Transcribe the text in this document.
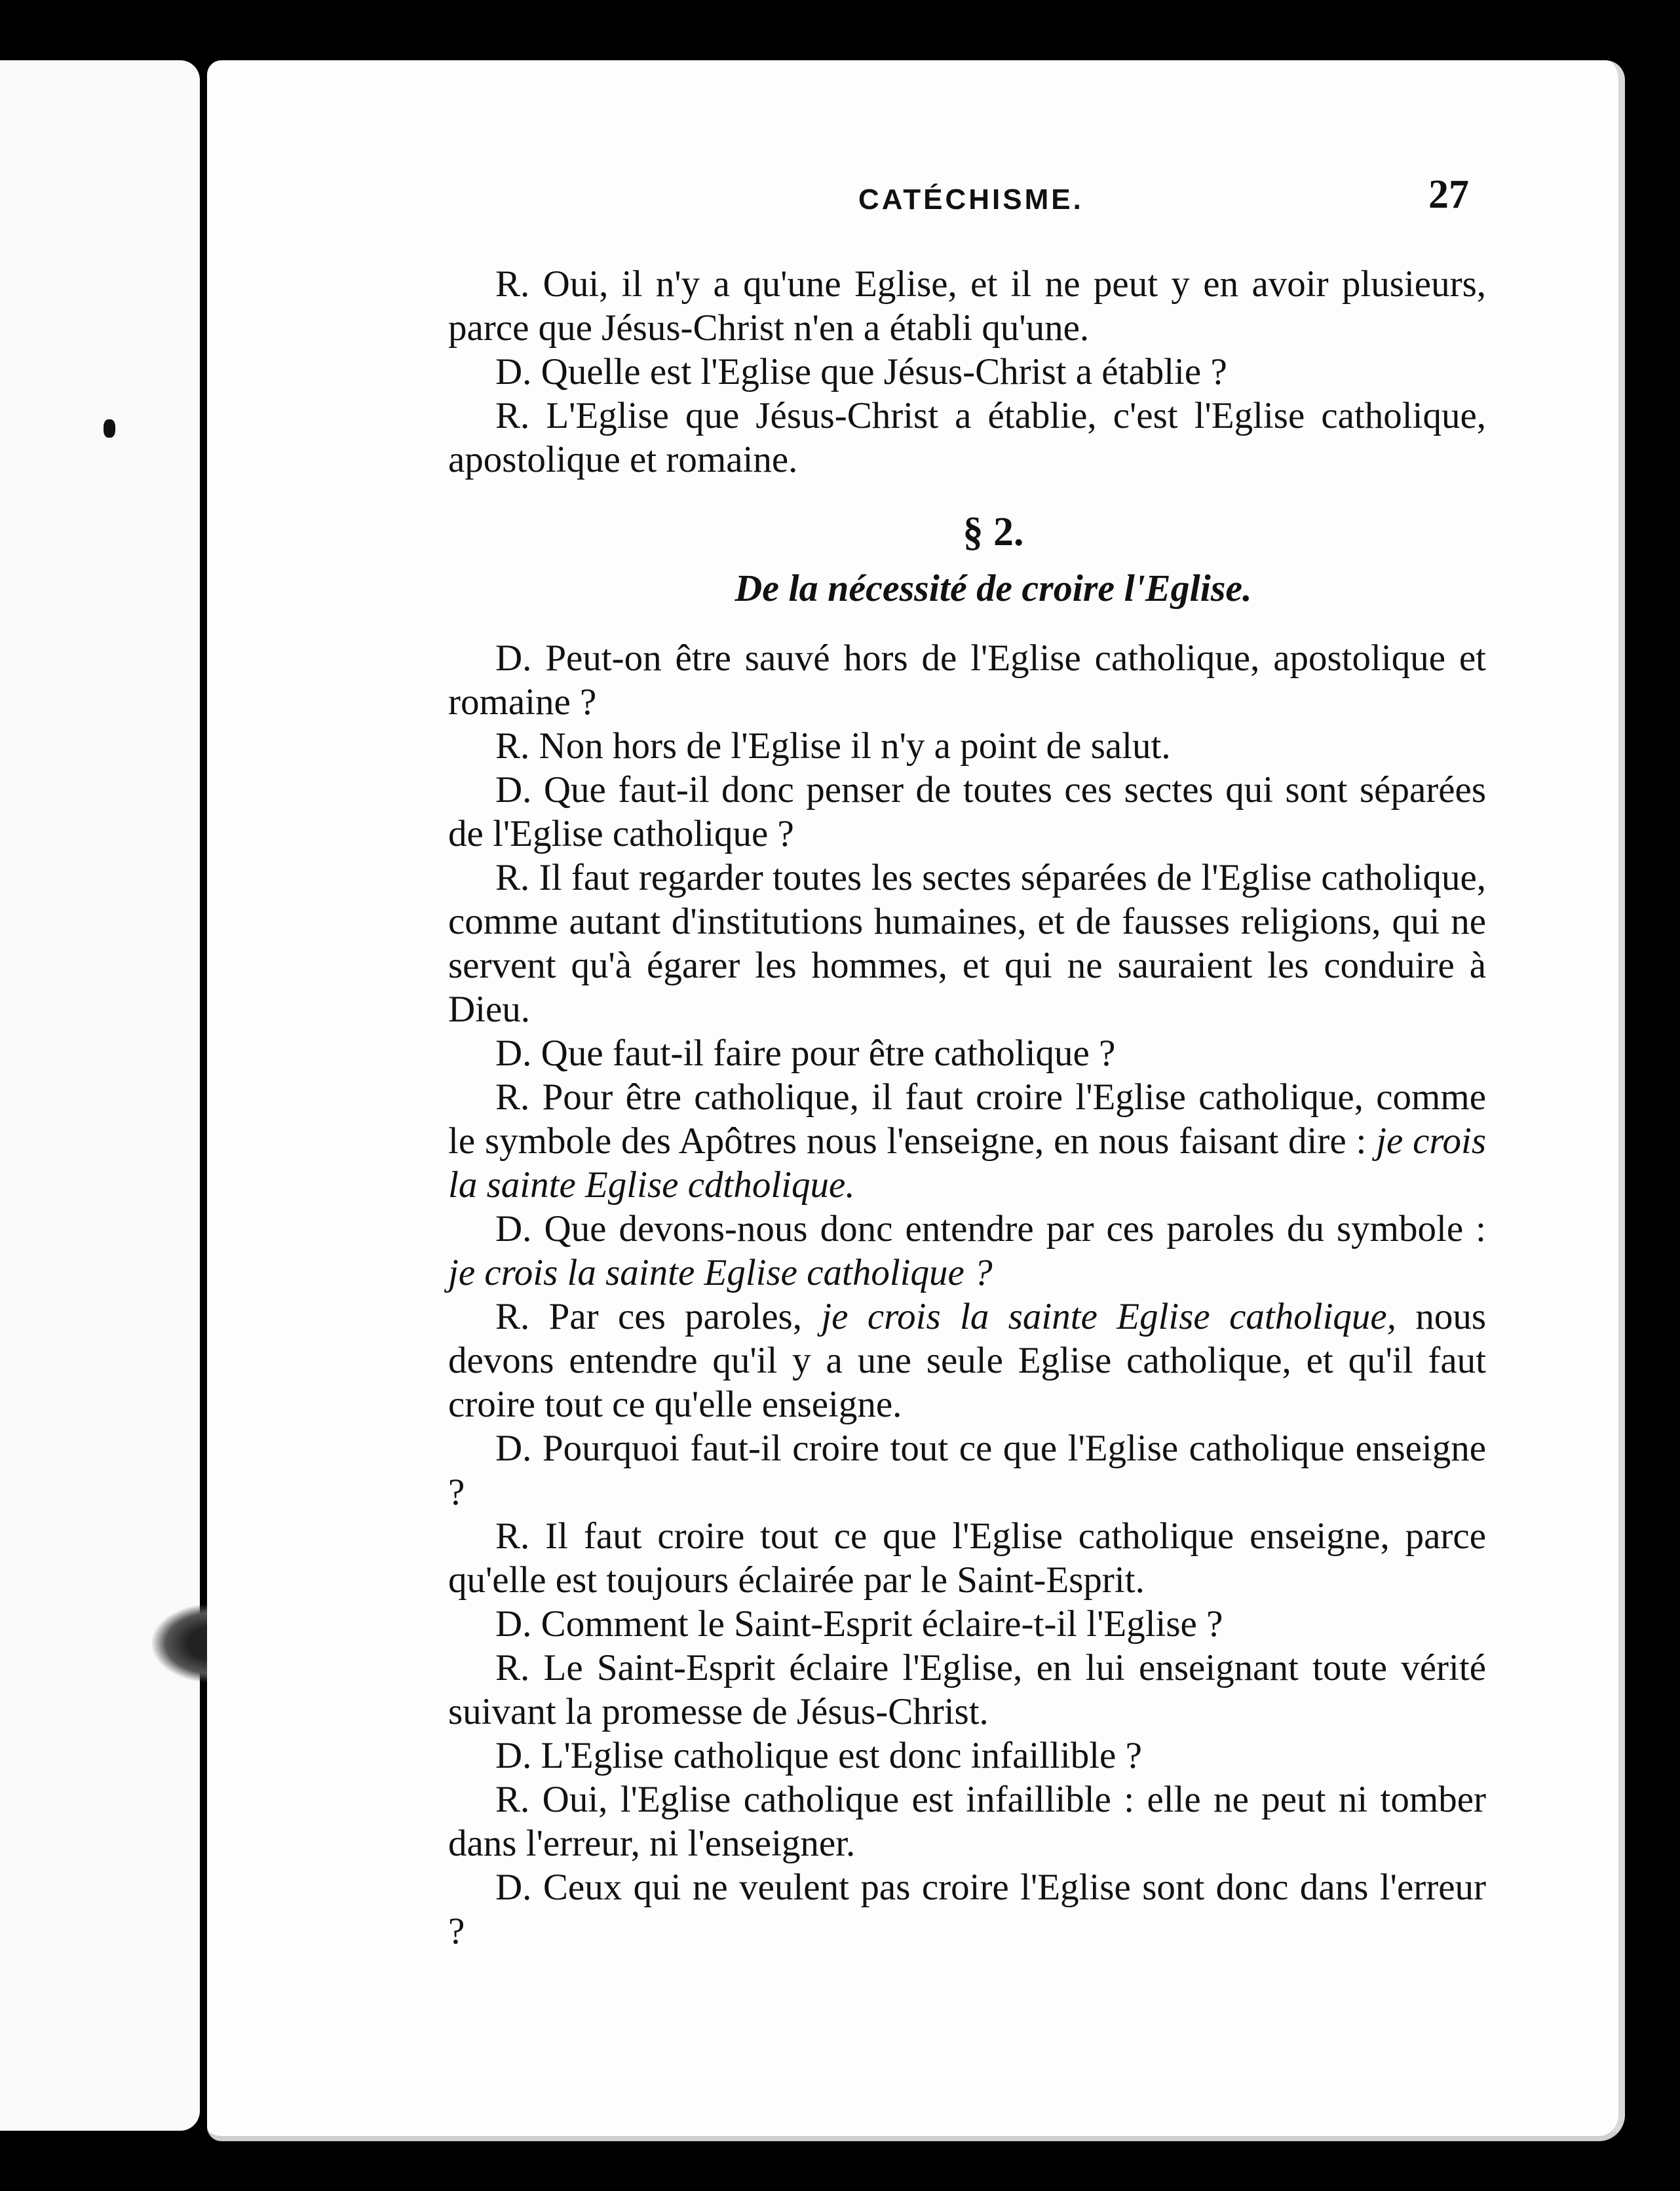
CATÉCHISME.	27

R. Oui, il n'y a qu'une Eglise, et il ne peut y en avoir plusieurs, parce que Jésus-Christ n'en a établi qu'une.

D. Quelle est l'Eglise que Jésus-Christ a établie ?

R. L'Eglise que Jésus-Christ a établie, c'est l'Eglise catholique, apostolique et romaine.

§ 2.
De la nécessité de croire l'Eglise.

D. Peut-on être sauvé hors de l'Eglise catholique, apostolique et romaine ?

R. Non hors de l'Eglise il n'y a point de salut.

D. Que faut-il donc penser de toutes ces sectes qui sont séparées de l'Eglise catholique ?

R. Il faut regarder toutes les sectes séparées de l'Eglise catholique, comme autant d'institutions humaines, et de fausses religions, qui ne servent qu'à égarer les hommes, et qui ne sauraient les conduire à Dieu.

D. Que faut-il faire pour être catholique ?

R. Pour être catholique, il faut croire l'Eglise catholique, comme le symbole des Apôtres nous l'enseigne, en nous faisant dire : je crois la sainte Eglise cdtholique.

D. Que devons-nous donc entendre par ces paroles du symbole : je crois la sainte Eglise catholique ?

R. Par ces paroles, je crois la sainte Eglise catholique, nous devons entendre qu'il y a une seule Eglise catholique, et qu'il faut croire tout ce qu'elle enseigne.

D. Pourquoi faut-il croire tout ce que l'Eglise catholique enseigne ?

R. Il faut croire tout ce que l'Eglise catholique enseigne, parce qu'elle est toujours éclairée par le Saint-Esprit.

D. Comment le Saint-Esprit éclaire-t-il l'Eglise ?

R. Le Saint-Esprit éclaire l'Eglise, en lui enseignant toute vérité suivant la promesse de Jésus-Christ.

D. L'Eglise catholique est donc infaillible ?

R. Oui, l'Eglise catholique est infaillible : elle ne peut ni tomber dans l'erreur, ni l'enseigner.

D. Ceux qui ne veulent pas croire l'Eglise sont donc dans l'erreur ?
